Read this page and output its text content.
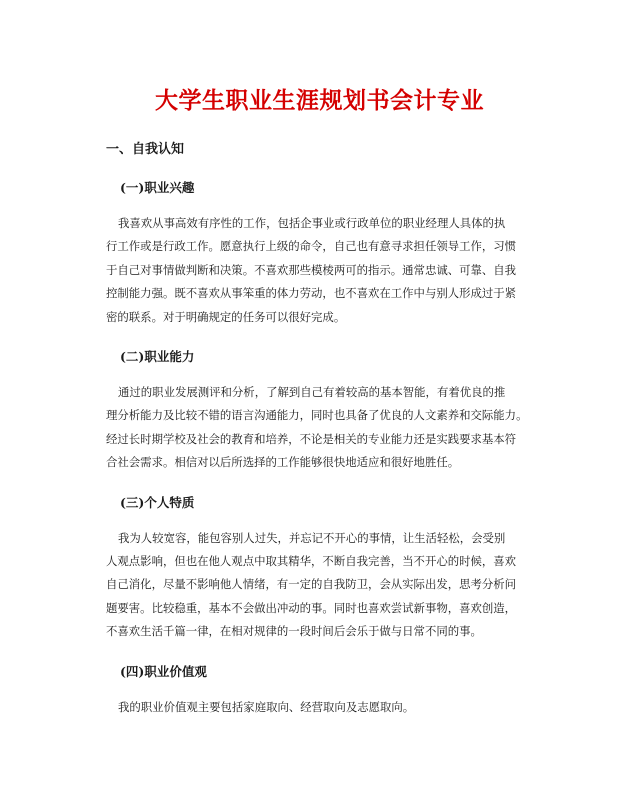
大学生职业生涯规划书会计专业
一、自我认知
(一)职业兴趣
我喜欢从事高效有序性的工作，包括企事业或行政单位的职业经理人具体的执
行工作或是行政工作。愿意执行上级的命令，自己也有意寻求担任领导工作，习惯
于自己对事情做判断和决策。不喜欢那些模棱两可的指示。通常忠诚、可靠、自我
控制能力强。既不喜欢从事笨重的体力劳动，也不喜欢在工作中与别人形成过于紧
密的联系。对于明确规定的任务可以很好完成。
(二)职业能力
通过的职业发展测评和分析，了解到自己有着较高的基本智能，有着优良的推
理分析能力及比较不错的语言沟通能力，同时也具备了优良的人文素养和交际能力。
经过长时期学校及社会的教育和培养，不论是相关的专业能力还是实践要求基本符
合社会需求。相信对以后所选择的工作能够很快地适应和很好地胜任。
(三)个人特质
我为人较宽容，能包容别人过失，并忘记不开心的事情，让生活轻松，会受别
人观点影响，但也在他人观点中取其精华，不断自我完善，当不开心的时候，喜欢
自己消化，尽量不影响他人情绪，有一定的自我防卫，会从实际出发，思考分析问
题要害。比较稳重，基本不会做出冲动的事。同时也喜欢尝试新事物，喜欢创造，
不喜欢生活千篇一律，在相对规律的一段时间后会乐于做与日常不同的事。
(四)职业价值观
我的职业价值观主要包括家庭取向、经营取向及志愿取向。
